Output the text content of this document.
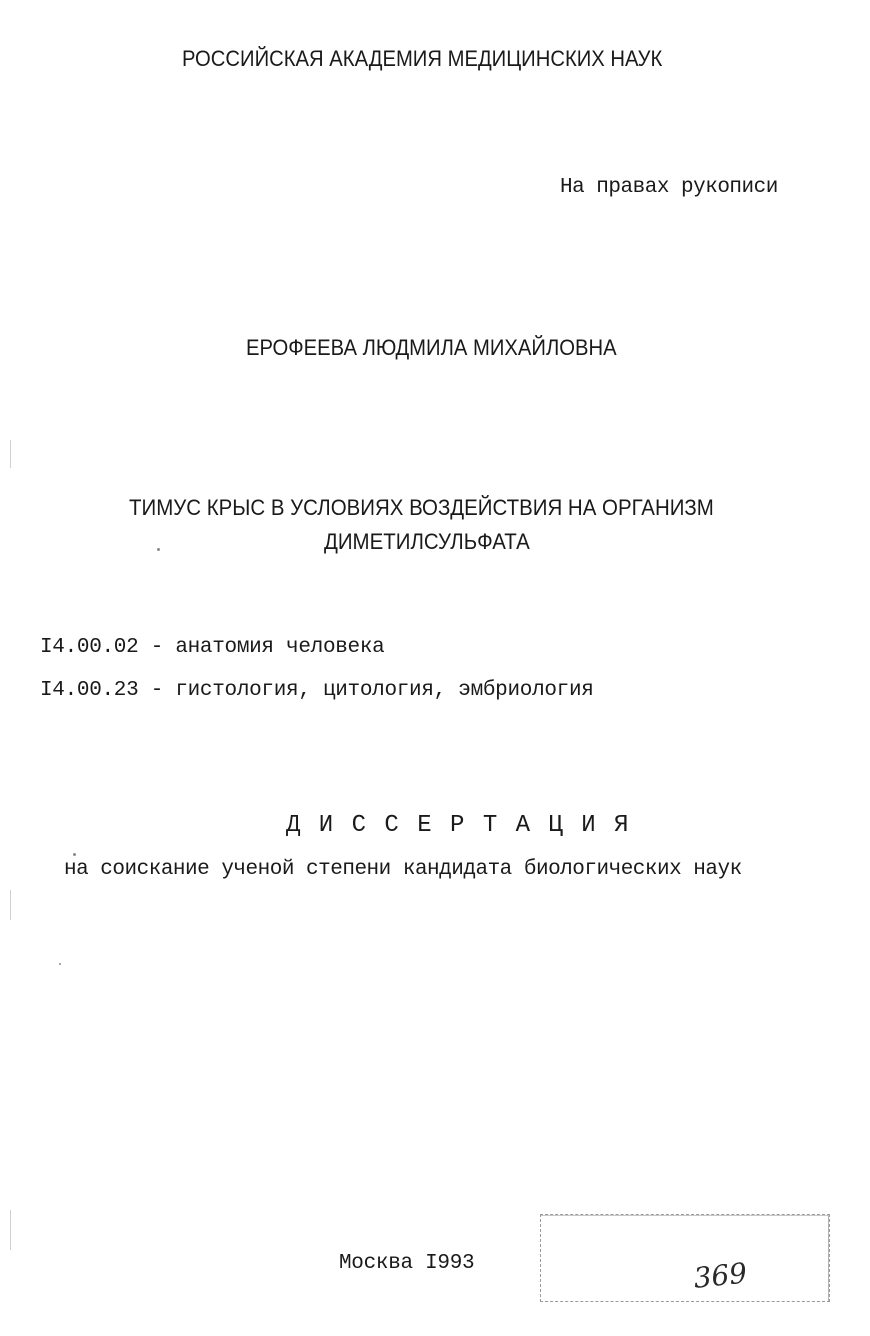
РОССИЙСКАЯ АКАДЕМИЯ МЕДИЦИНСКИХ НАУК
На правах рукописи
ЕРОФЕЕВА ЛЮДМИЛА МИХАЙЛОВНА
ТИМУС КРЫС В УСЛОВИЯХ ВОЗДЕЙСТВИЯ НА ОРГАНИЗМ
ДИМЕТИЛСУЛЬФАТА
I4.00.02 - анатомия человека
I4.00.23 - гистология, цитология, эмбриология
Д И С С Е Р Т А Ц И Я
на соискание ученой степени кандидата биологических наук
Москва I993	369
